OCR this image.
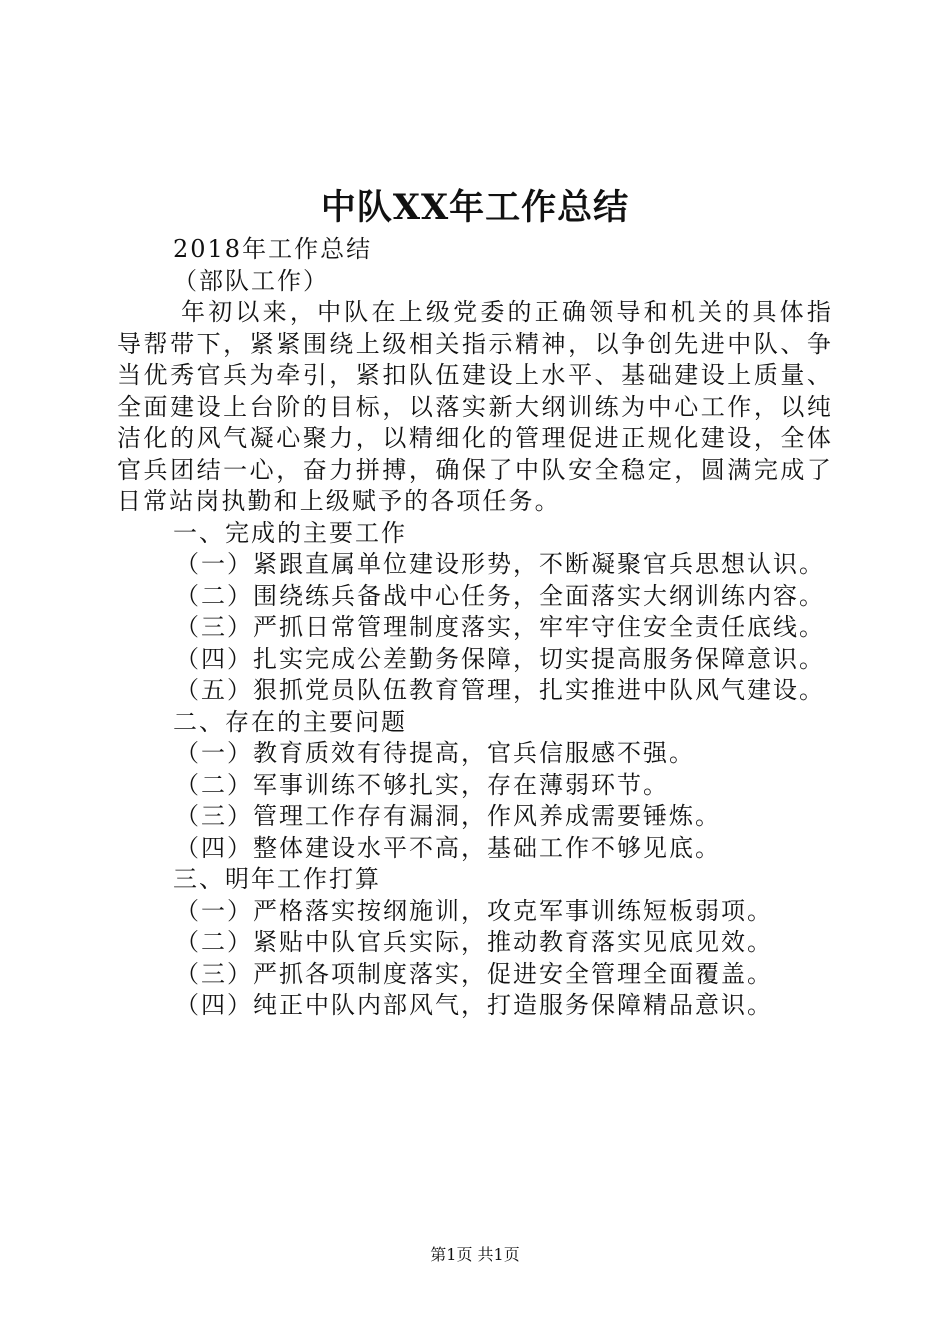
中队XX年工作总结
2018年工作总结
（部队工作）
年初以来，中队在上级党委的正确领导和机关的具体指导帮带下，紧紧围绕上级相关指示精神，以争创先进中队、争当优秀官兵为牵引，紧扣队伍建设上水平、基础建设上质量、全面建设上台阶的目标，以落实新大纲训练为中心工作，以纯洁化的风气凝心聚力，以精细化的管理促进正规化建设，全体官兵团结一心，奋力拼搏，确保了中队安全稳定，圆满完成了日常站岗执勤和上级赋予的各项任务。
一、完成的主要工作
（一）紧跟直属单位建设形势，不断凝聚官兵思想认识。
（二）围绕练兵备战中心任务，全面落实大纲训练内容。
（三）严抓日常管理制度落实，牢牢守住安全责任底线。
（四）扎实完成公差勤务保障，切实提高服务保障意识。
（五）狠抓党员队伍教育管理，扎实推进中队风气建设。
二、存在的主要问题
（一）教育质效有待提高，官兵信服感不强。
（二）军事训练不够扎实，存在薄弱环节。
（三）管理工作存有漏洞，作风养成需要锤炼。
（四）整体建设水平不高，基础工作不够见底。
三、明年工作打算
（一）严格落实按纲施训，攻克军事训练短板弱项。
（二）紧贴中队官兵实际，推动教育落实见底见效。
（三）严抓各项制度落实，促进安全管理全面覆盖。
（四）纯正中队内部风气，打造服务保障精品意识。
第1页 共1页
